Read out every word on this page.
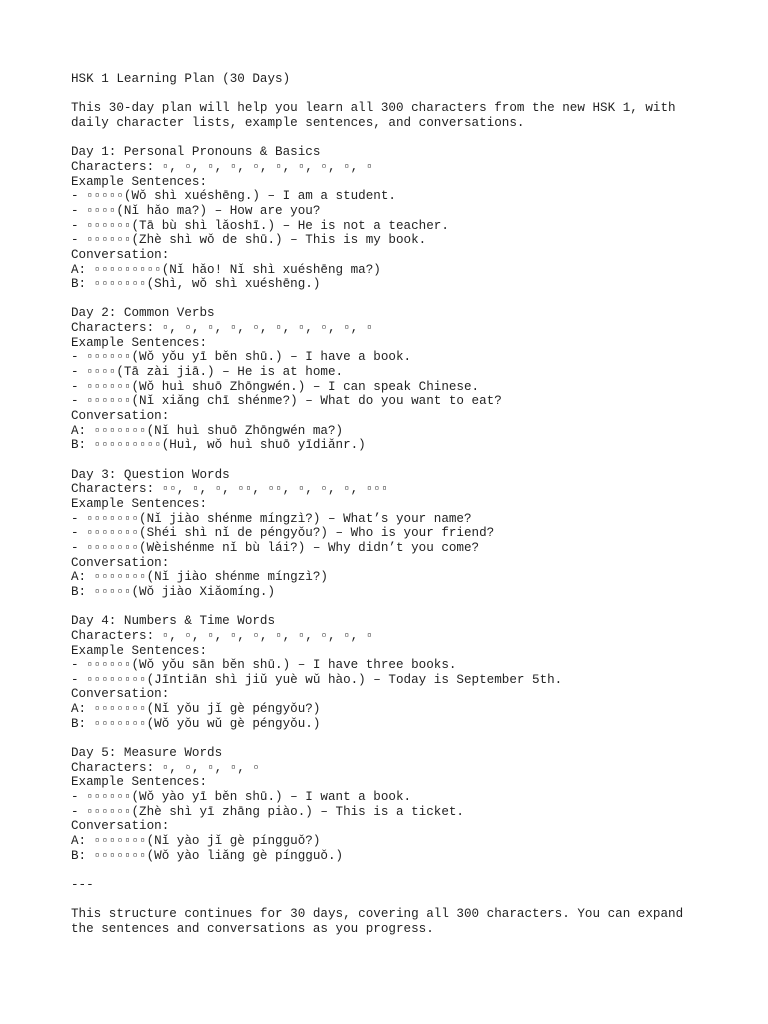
HSK 1 Learning Plan (30 Days)
This 30-day plan will help you learn all 300 characters from the new HSK 1, with daily character lists, example sentences, and conversations.
Day 1: Personal Pronouns & Basics
Characters: ▫, ▫, ▫, ▫, ▫, ▫, ▫, ▫, ▫, ▫
Example Sentences:
- ▫▫▫▫▫(Wǒ shì xuéshēng.) – I am a student.
- ▫▫▫▫(Nǐ hǎo ma?) – How are you?
- ▫▫▫▫▫▫(Tā bù shì lǎoshī.) – He is not a teacher.
- ▫▫▫▫▫▫(Zhè shì wǒ de shū.) – This is my book.
Conversation:
A: ▫▫▫▫▫▫▫▫▫(Nǐ hǎo! Nǐ shì xuéshēng ma?)
B: ▫▫▫▫▫▫▫(Shì, wǒ shì xuéshēng.)
Day 2: Common Verbs
Characters: ▫, ▫, ▫, ▫, ▫, ▫, ▫, ▫, ▫, ▫
Example Sentences:
- ▫▫▫▫▫▫(Wǒ yǒu yī běn shū.) – I have a book.
- ▫▫▫▫(Tā zài jiā.) – He is at home.
- ▫▫▫▫▫▫(Wǒ huì shuō Zhōngwén.) – I can speak Chinese.
- ▫▫▫▫▫▫(Nǐ xiǎng chī shénme?) – What do you want to eat?
Conversation:
A: ▫▫▫▫▫▫▫(Nǐ huì shuō Zhōngwén ma?)
B: ▫▫▫▫▫▫▫▫▫(Huì, wǒ huì shuō yīdiǎnr.)
Day 3: Question Words
Characters: ▫▫, ▫, ▫, ▫▫, ▫▫, ▫, ▫, ▫, ▫▫▫
Example Sentences:
- ▫▫▫▫▫▫▫(Nǐ jiào shénme míngzì?) – What’s your name?
- ▫▫▫▫▫▫▫(Shéi shì nǐ de péngyǒu?) – Who is your friend?
- ▫▫▫▫▫▫▫(Wèishénme nǐ bù lái?) – Why didn’t you come?
Conversation:
A: ▫▫▫▫▫▫▫(Nǐ jiào shénme míngzì?)
B: ▫▫▫▫▫(Wǒ jiào Xiǎomíng.)
Day 4: Numbers & Time Words
Characters: ▫, ▫, ▫, ▫, ▫, ▫, ▫, ▫, ▫, ▫
Example Sentences:
- ▫▫▫▫▫▫(Wǒ yǒu sān běn shū.) – I have three books.
- ▫▫▫▫▫▫▫▫(Jīntiān shì jiǔ yuè wǔ hào.) – Today is September 5th.
Conversation:
A: ▫▫▫▫▫▫▫(Nǐ yǒu jǐ gè péngyǒu?)
B: ▫▫▫▫▫▫▫(Wǒ yǒu wǔ gè péngyǒu.)
Day 5: Measure Words
Characters: ▫, ▫, ▫, ▫, ▫
Example Sentences:
- ▫▫▫▫▫▫(Wǒ yào yī běn shū.) – I want a book.
- ▫▫▫▫▫▫(Zhè shì yī zhāng piào.) – This is a ticket.
Conversation:
A: ▫▫▫▫▫▫▫(Nǐ yào jǐ gè píngguǒ?)
B: ▫▫▫▫▫▫▫(Wǒ yào liǎng gè píngguǒ.)
---
This structure continues for 30 days, covering all 300 characters. You can expand the sentences and conversations as you progress.
